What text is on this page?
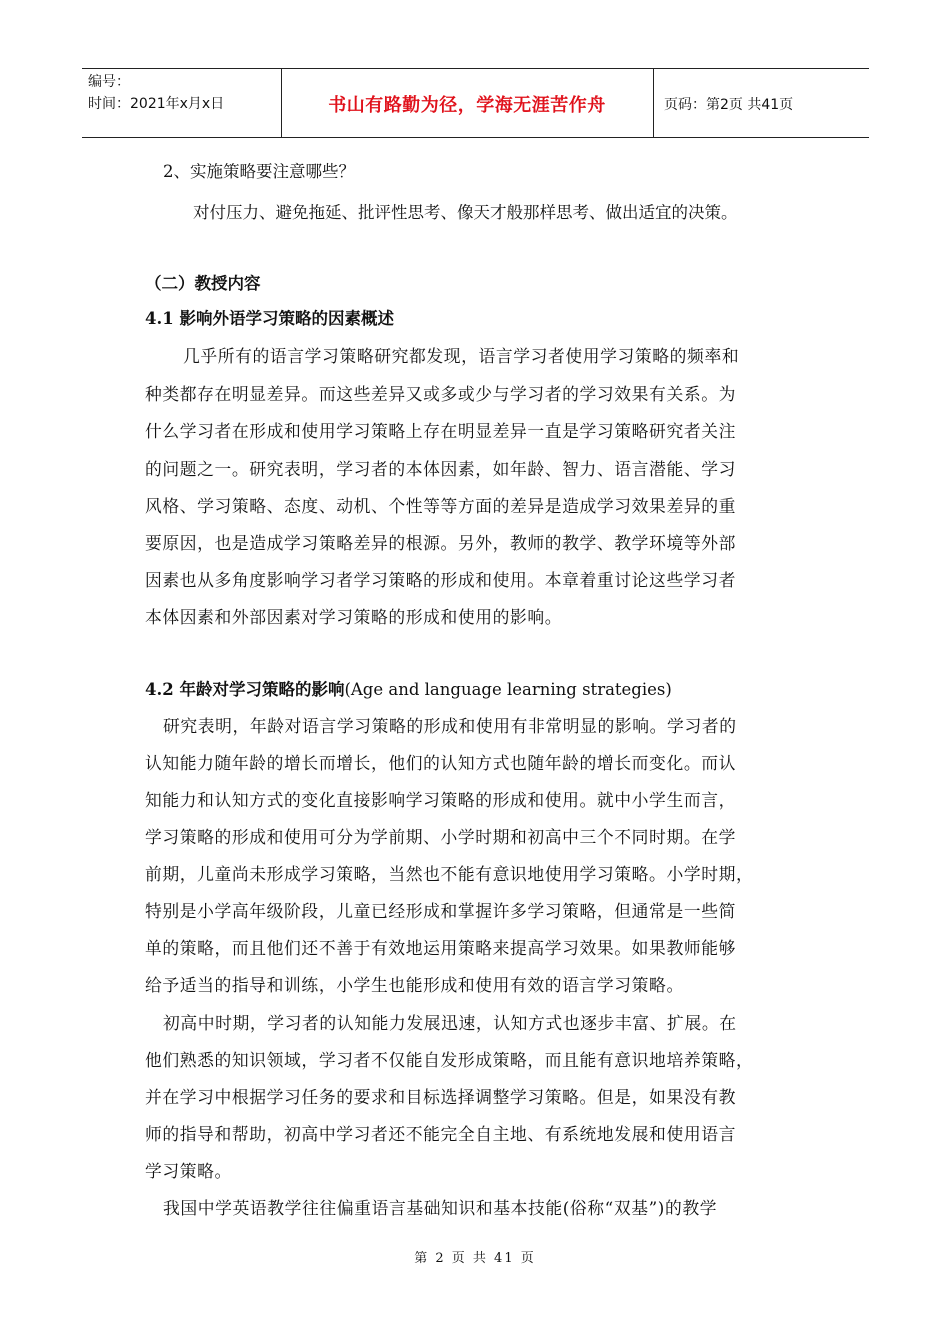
编号：
时间：2021年x月x日	书山有路勤为径，学海无涯苦作舟	页码：第2页 共41页
2、实施策略要注意哪些？
对付压力、避免拖延、批评性思考、像天才般那样思考、做出适宜的决策。
（二）教授内容
4.1 影响外语学习策略的因素概述
几乎所有的语言学习策略研究都发现，语言学习者使用学习策略的频率和
种类都存在明显差异。而这些差异又或多或少与学习者的学习效果有关系。为
什么学习者在形成和使用学习策略上存在明显差异一直是学习策略研究者关注
的问题之一。研究表明，学习者的本体因素，如年龄、智力、语言潜能、学习
风格、学习策略、态度、动机、个性等等方面的差异是造成学习效果差异的重
要原因，也是造成学习策略差异的根源。另外，教师的教学、教学环境等外部
因素也从多角度影响学习者学习策略的形成和使用。本章着重讨论这些学习者
本体因素和外部因素对学习策略的形成和使用的影响。
4.2 年龄对学习策略的影响(Age and language learning strategies)
研究表明，年龄对语言学习策略的形成和使用有非常明显的影响。学习者的
认知能力随年龄的增长而增长，他们的认知方式也随年龄的增长而变化。而认
知能力和认知方式的变化直接影响学习策略的形成和使用。就中小学生而言，
学习策略的形成和使用可分为学前期、小学时期和初高中三个不同时期。在学
前期，儿童尚未形成学习策略，当然也不能有意识地使用学习策略。小学时期，
特别是小学高年级阶段，儿童已经形成和掌握许多学习策略，但通常是一些简
单的策略，而且他们还不善于有效地运用策略来提高学习效果。如果教师能够
给予适当的指导和训练，小学生也能形成和使用有效的语言学习策略。
初高中时期，学习者的认知能力发展迅速，认知方式也逐步丰富、扩展。在
他们熟悉的知识领域，学习者不仅能自发形成策略，而且能有意识地培养策略，
并在学习中根据学习任务的要求和目标选择调整学习策略。但是，如果没有教
师的指导和帮助，初高中学习者还不能完全自主地、有系统地发展和使用语言
学习策略。
我国中学英语教学往往偏重语言基础知识和基本技能(俗称“双基”)的教学
第 2 页 共 41 页
